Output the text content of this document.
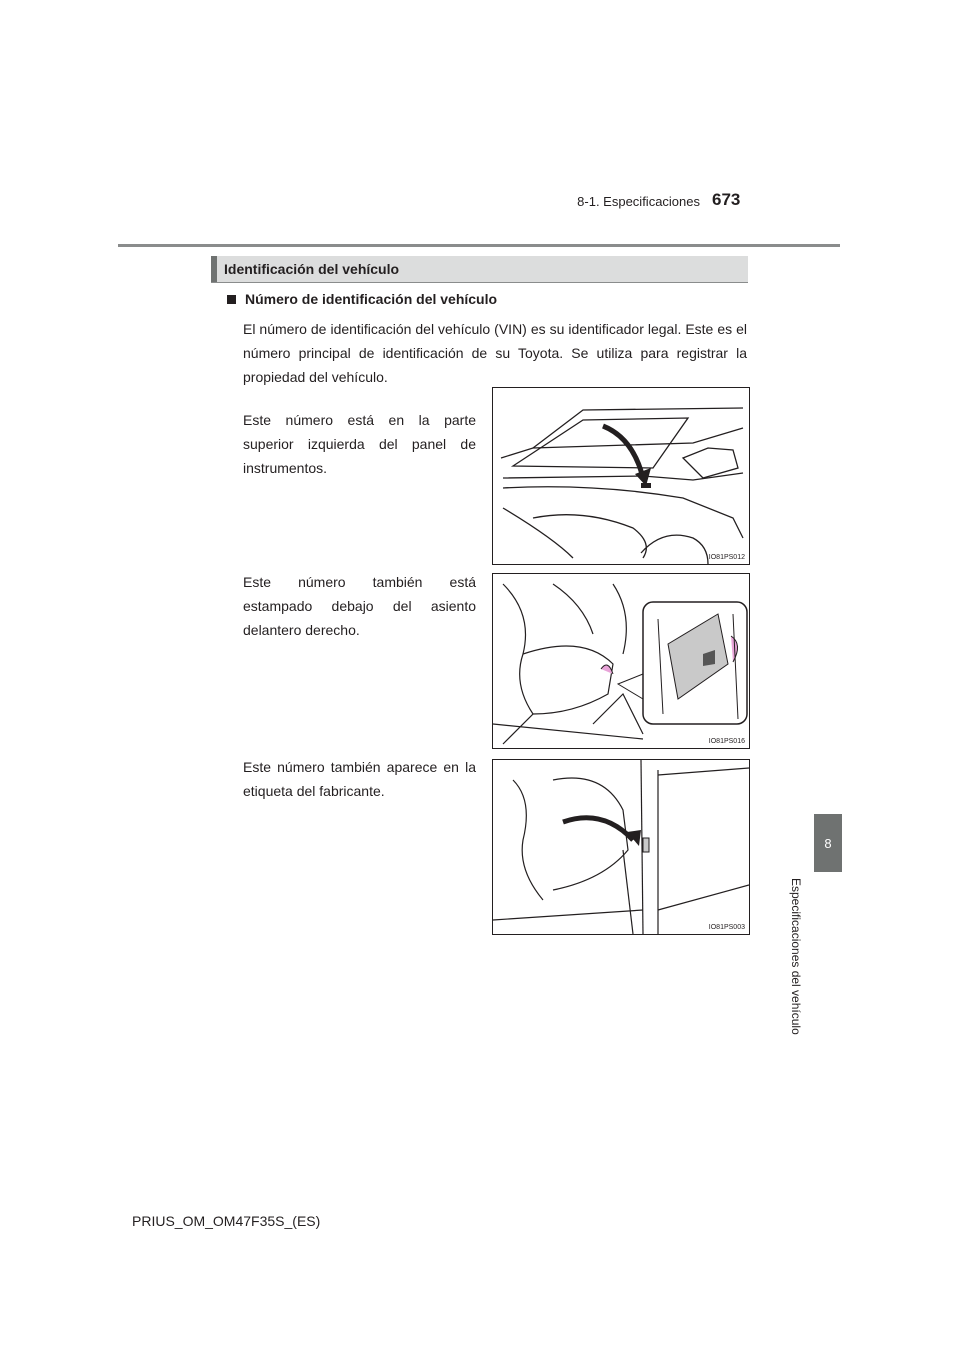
8-1. Especificaciones 673
Identificación del vehículo
Número de identificación del vehículo
El número de identificación del vehículo (VIN) es su identificador legal. Este es el número principal de identificación de su Toyota. Se utiliza para registrar la propiedad del vehículo.
Este número está en la parte superior izquierda del panel de instrumentos.
Este número también está estampado debajo del asiento delantero derecho.
Este número también aparece en la etiqueta del fabricante.
IO81PS012
IO81PS016
IO81PS003
8
Especificaciones del vehículo
PRIUS_OM_OM47F35S_(ES)
